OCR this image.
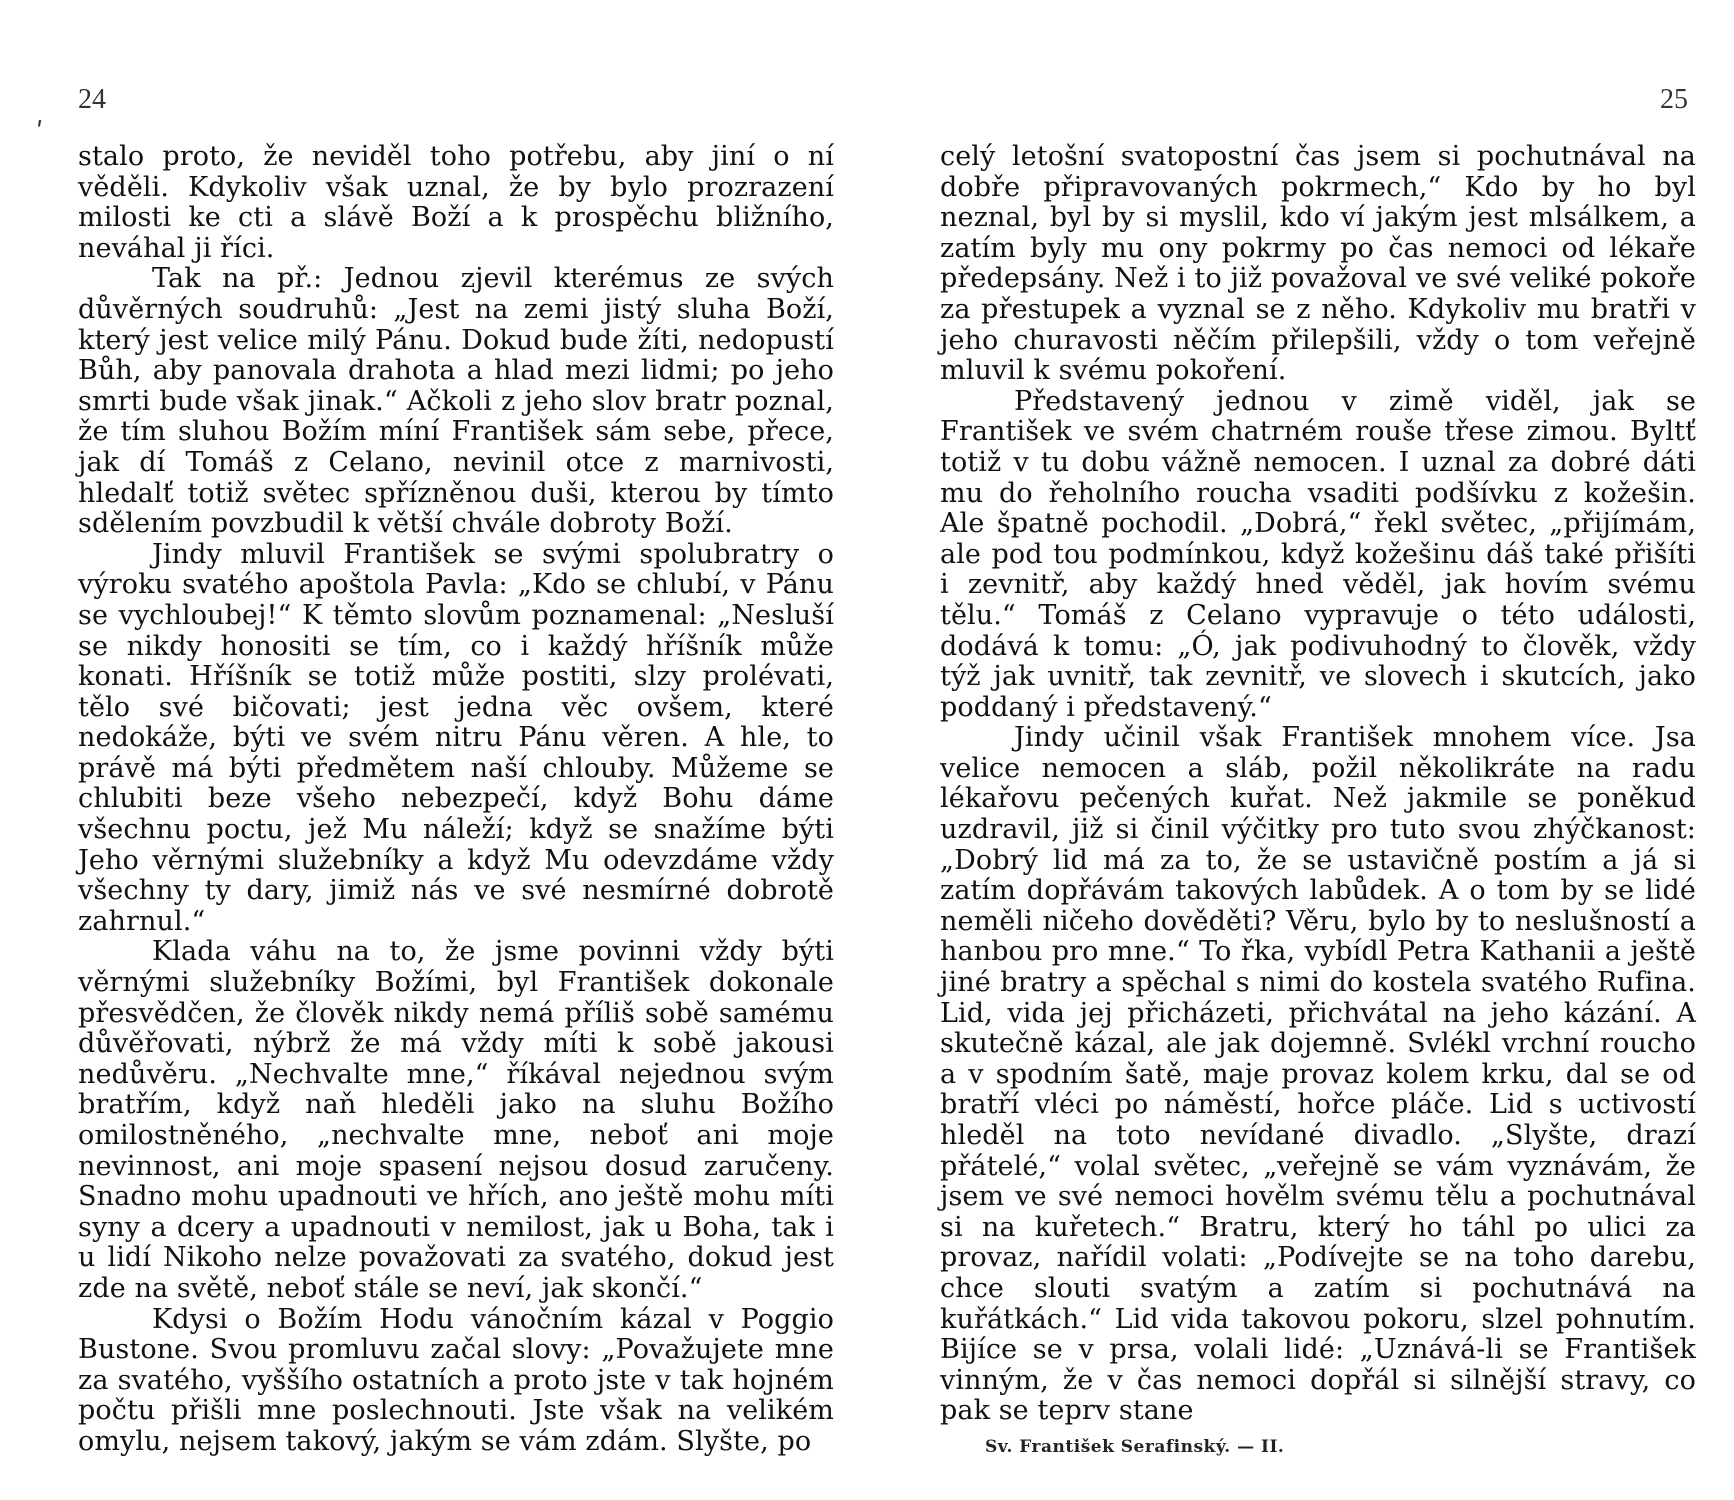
ʹ
24	25

stalo proto, že neviděl toho potřebu, aby jiní o ní věděli. Kdykoliv však uznal, že by bylo prozrazení milosti ke cti a slávě Boží a k prospěchu bližního, neváhal ji říci.

Tak na př.: Jednou zjevil kterémus ze svých důvěrných soudruhů: „Jest na zemi jistý sluha Boží, který jest velice milý Pánu. Dokud bude žíti, nedopustí Bůh, aby panovala drahota a hlad mezi lidmi; po jeho smrti bude však jinak.“ Ačkoli z jeho slov bratr poznal, že tím sluhou Božím míní František sám sebe, přece, jak dí Tomáš z Celano, nevinil otce z marnivosti, hledalť totiž světec spřízněnou duši, kterou by tímto sdělením povzbudil k větší chvále dobroty Boží.

Jindy mluvil František se svými spolubratry o výroku svatého apoštola Pavla: „Kdo se chlubí, v Pánu se vychloubej!“ K těmto slovům poznamenal: „Nesluší se nikdy honositi se tím, co i každý hříšník může konati. Hříšník se totiž může postiti, slzy prolévati, tělo své bičovati; jest jedna věc ovšem, které nedokáže, býti ve svém nitru Pánu věren. A hle, to právě má býti předmětem naší chlouby. Můžeme se chlubiti beze všeho nebezpečí, když Bohu dáme všechnu poctu, jež Mu náleží; když se snažíme býti Jeho věrnými služebníky a když Mu odevzdáme vždy všechny ty dary, jimiž nás ve své nesmírné dobrotě zahrnul.“

Klada váhu na to, že jsme povinni vždy býti věrnými služebníky Božími, byl František dokonale přesvědčen, že člověk nikdy nemá příliš sobě samému důvěřovati, nýbrž že má vždy míti k sobě jakousi nedůvěru. „Nechvalte mne,“ říkával nejednou svým bratřím, když naň hleděli jako na sluhu Božího omilostněného, „nechvalte mne, neboť ani moje nevinnost, ani moje spasení nejsou dosud zaručeny. Snadno mohu upadnouti ve hřích, ano ještě mohu míti syny a dcery a upadnouti v nemilost, jak u Boha, tak i u lidí Nikoho nelze považovati za svatého, dokud jest zde na světě, neboť stále se neví, jak skončí.“

Kdysi o Božím Hodu vánočním kázal v Poggio Bustone. Svou promluvu začal slovy: „Považujete mne za svatého, vyššího ostatních a proto jste v tak hojném počtu přišli mne poslechnouti. Jste však na velikém omylu, nejsem takový, jakým se vám zdám. Slyšte, po

celý letošní svatopostní čas jsem si pochutnával na dobře připravovaných pokrmech,“ Kdo by ho byl neznal, byl by si myslil, kdo ví jakým jest mlsálkem, a zatím byly mu ony pokrmy po čas nemoci od lékaře předepsány. Než i to již považoval ve své veliké pokoře za přestupek a vyznal se z něho. Kdykoliv mu bratři v jeho churavosti něčím přilepšili, vždy o tom veřejně mluvil k svému pokoření.

Představený jednou v zimě viděl, jak se František ve svém chatrném rouše třese zimou. Byltť totiž v tu dobu vážně nemocen. I uznal za dobré dáti mu do řeholního roucha vsaditi podšívku z kožešin. Ale špatně pochodil. „Dobrá,“ řekl světec, „přijímám, ale pod tou podmínkou, když kožešinu dáš také přišíti i zevnitř, aby každý hned věděl, jak hovím svému tělu.“ Tomáš z Celano vypravuje o této události, dodává k tomu: „Ó, jak podivuhodný to člověk, vždy týž jak uvnitř, tak zevnitř, ve slovech i skutcích, jako poddaný i představený.“

Jindy učinil však František mnohem více. Jsa velice nemocen a sláb, požil několikráte na radu lékařovu pečených kuřat. Než jakmile se poněkud uzdravil, již si činil výčitky pro tuto svou zhýčkanost: „Dobrý lid má za to, že se ustavičně postím a já si zatím dopřávám takových labůdek. A o tom by se lidé neměli ničeho dověděti? Věru, bylo by to neslušností a hanbou pro mne.“ To řka, vybídl Petra Kathanii a ještě jiné bratry a spěchal s nimi do kostela svatého Rufina. Lid, vida jej přicházeti, přichvátal na jeho kázání. A skutečně kázal, ale jak dojemně. Svlékl vrchní roucho a v spodním šatě, maje provaz kolem krku, dal se od bratří vléci po náměstí, hořce pláče. Lid s uctivostí hleděl na toto nevídané divadlo. „Slyšte, drazí přátelé,“ volal světec, „veřejně se vám vyznávám, že jsem ve své nemoci hovělm svému tělu a pochutnával si na kuřetech.“ Bratru, který ho táhl po ulici za provaz, nařídil volati: „Podívejte se na toho darebu, chce slouti svatým a zatím si pochutnává na kuřátkách.“ Lid vida takovou pokoru, slzel pohnutím. Bijíce se v prsa, volali lidé: „Uznává-li se František vinným, že v čas nemoci dopřál si silnější stravy, co pak se teprv stane

Sv. František Serafinský. — II.
